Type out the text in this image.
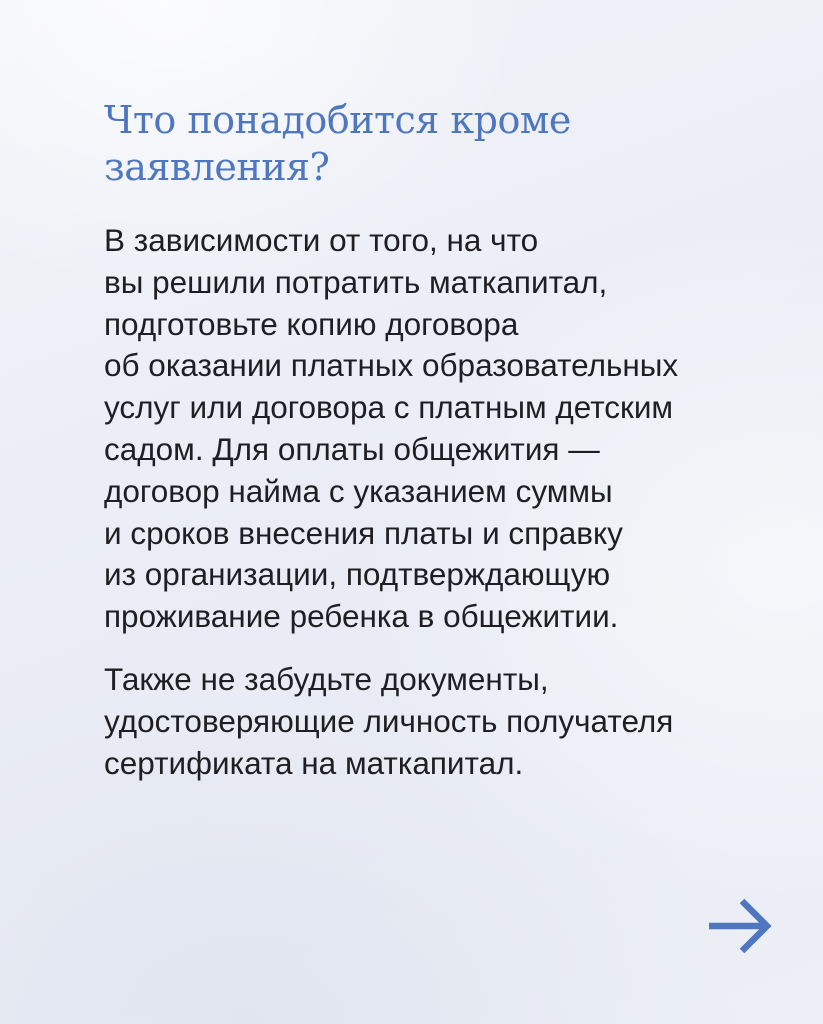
Что понадобится кроме
заявления?

В зависимости от того, на что
вы решили потратить маткапитал,
подготовьте копию договора
об оказании платных образовательных
услуг или договора с платным детским
садом. Для оплаты общежития —
договор найма с указанием суммы
и сроков внесения платы и справку
из организации, подтверждающую
проживание ребенка в общежитии.

Также не забудьте документы,
удостоверяющие личность получателя
сертификата на маткапитал.
